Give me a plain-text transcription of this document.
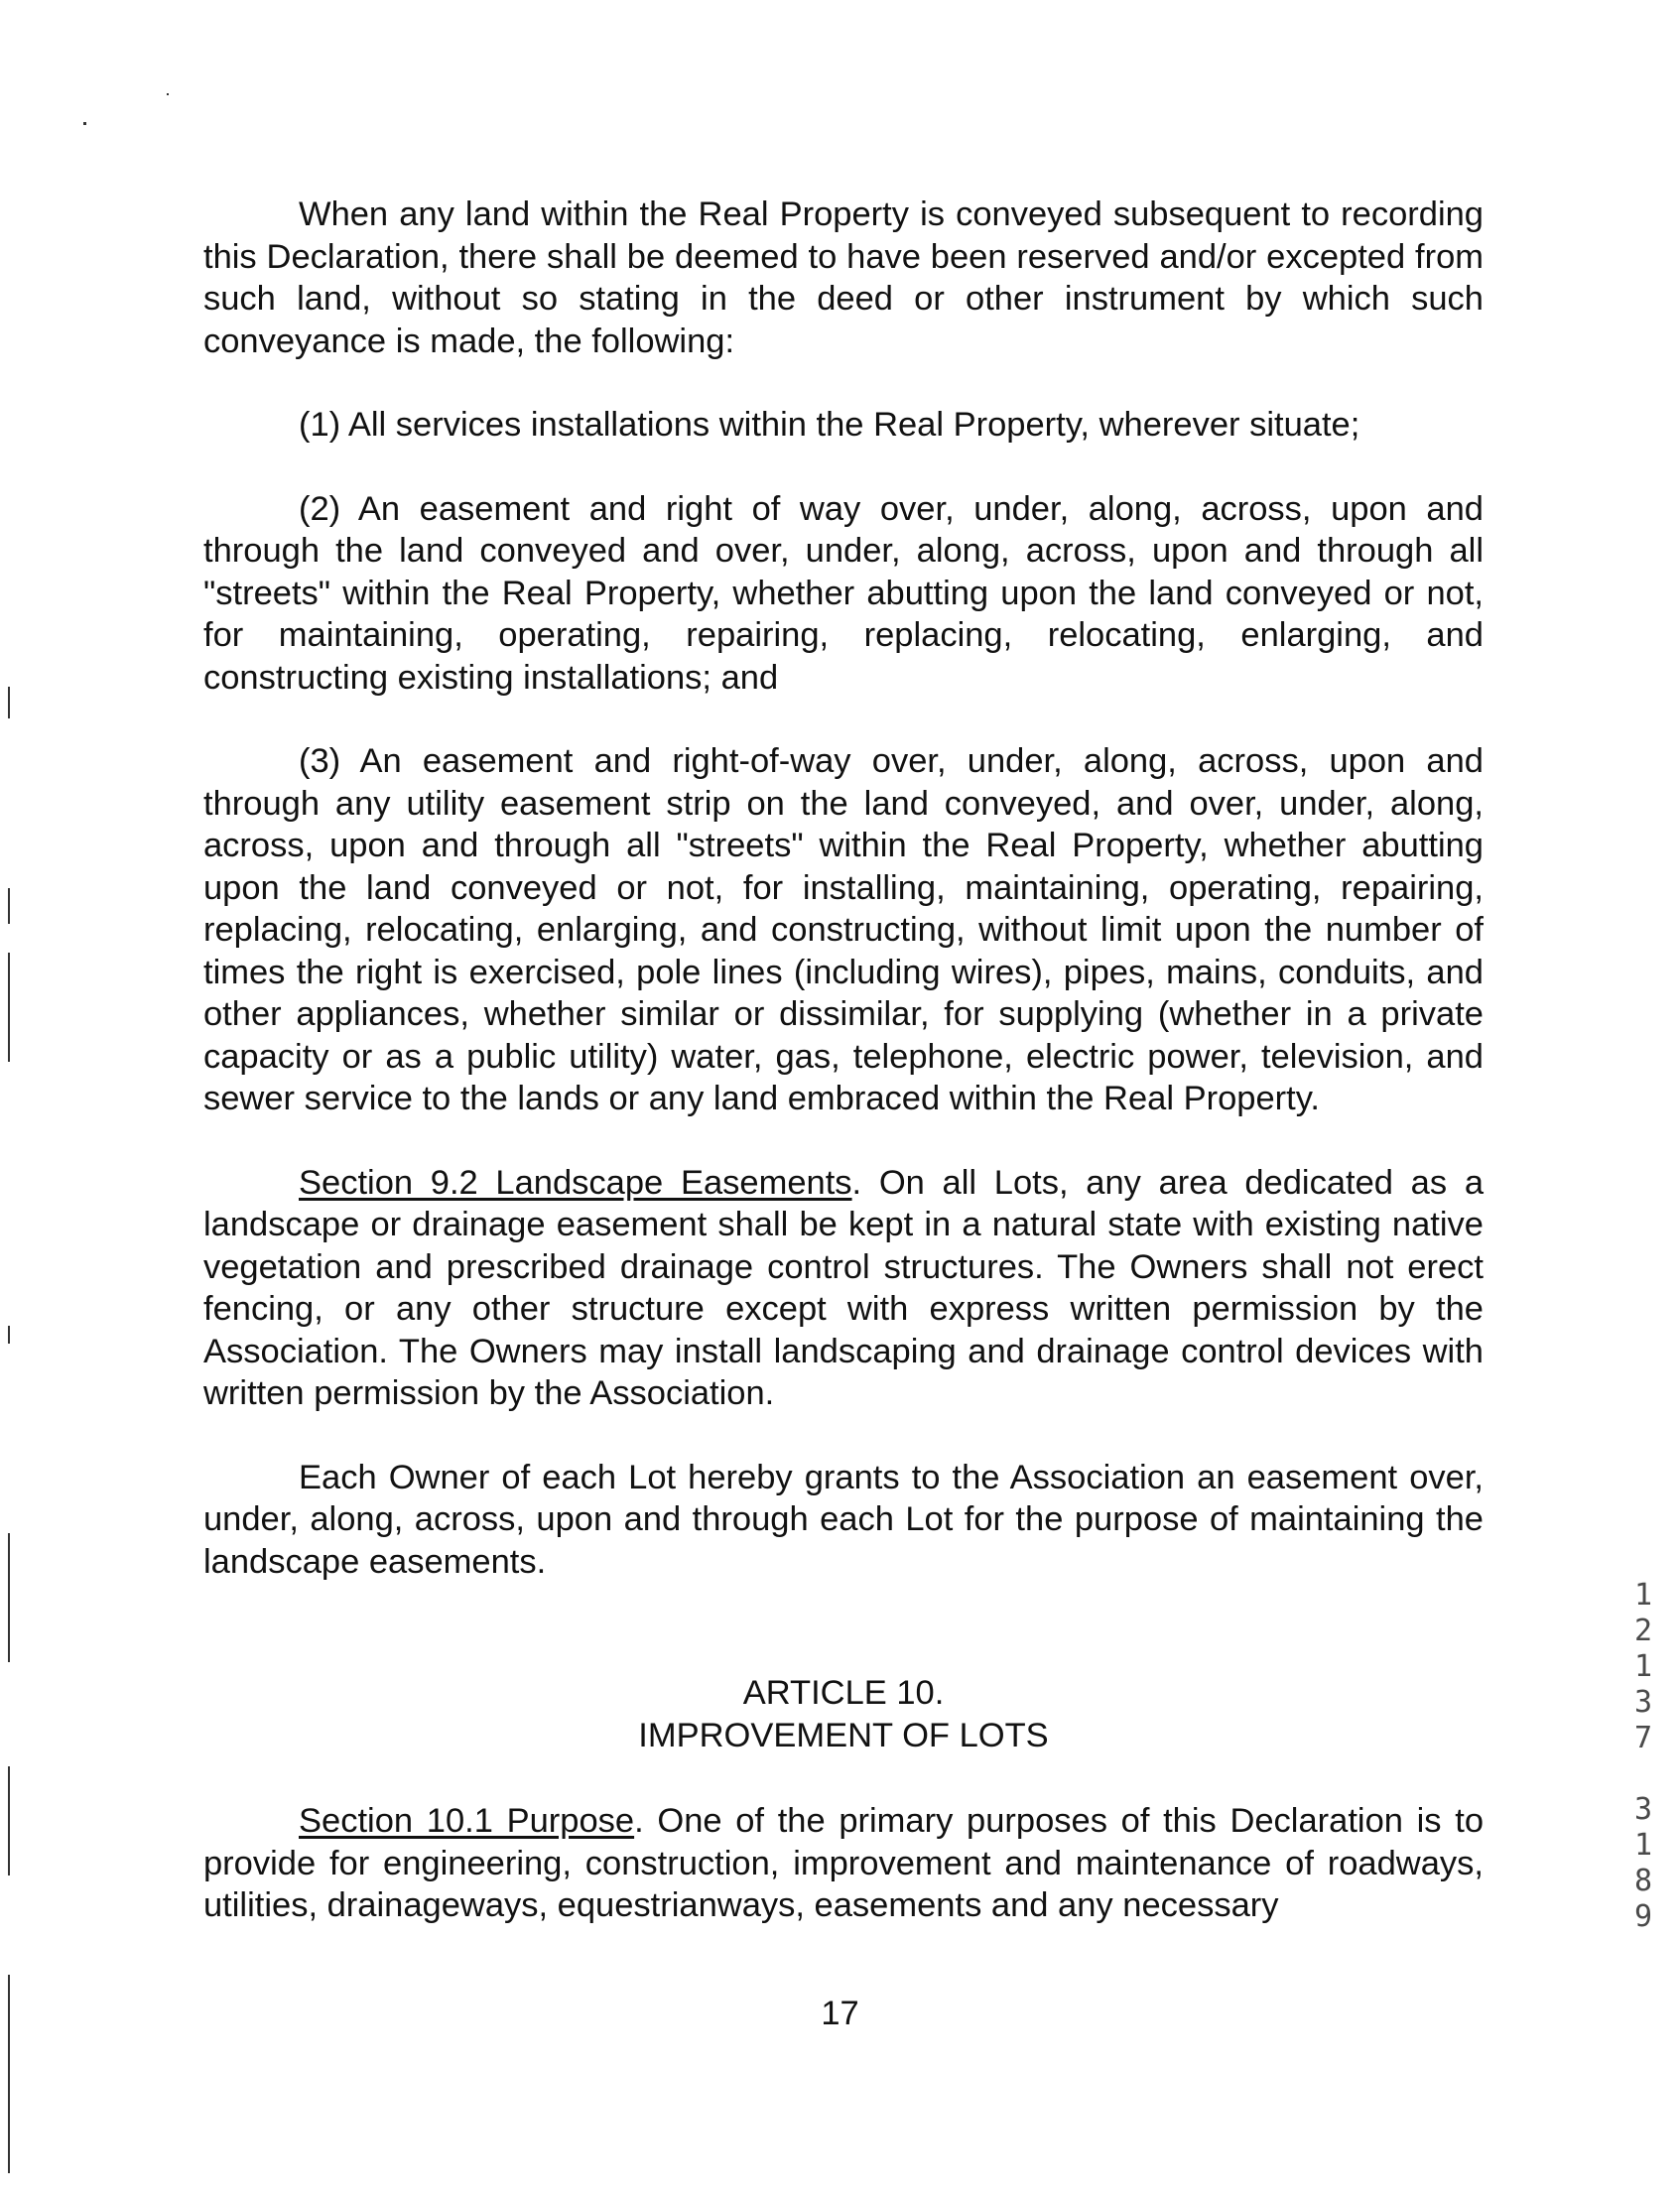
When any land within the Real Property is conveyed subsequent to recording this Declaration, there shall be deemed to have been reserved and/or excepted from such land, without so stating in the deed or other instrument by which such conveyance is made, the following:

(1) All services installations within the Real Property, wherever situate;

(2) An easement and right of way over, under, along, across, upon and through the land conveyed and over, under, along, across, upon and through all "streets" within the Real Property, whether abutting upon the land conveyed or not, for maintaining, operating, repairing, replacing, relocating, enlarging, and constructing existing installations; and

(3) An easement and right-of-way over, under, along, across, upon and through any utility easement strip on the land conveyed, and over, under, along, across, upon and through all "streets" within the Real Property, whether abutting upon the land conveyed or not, for installing, maintaining, operating, repairing, replacing, relocating, enlarging, and constructing, without limit upon the number of times the right is exercised, pole lines (including wires), pipes, mains, conduits, and other appliances, whether similar or dissimilar, for supplying (whether in a private capacity or as a public utility) water, gas, telephone, electric power, television, and sewer service to the lands or any land embraced within the Real Property.

Section 9.2 Landscape Easements. On all Lots, any area dedicated as a landscape or drainage easement shall be kept in a natural state with existing native vegetation and prescribed drainage control structures. The Owners shall not erect fencing, or any other structure except with express written permission by the Association. The Owners may install landscaping and drainage control devices with written permission by the Association.

Each Owner of each Lot hereby grants to the Association an easement over, under, along, across, upon and through each Lot for the purpose of maintaining the landscape easements.

ARTICLE 10.
IMPROVEMENT OF LOTS

Section 10.1 Purpose. One of the primary purposes of this Declaration is to provide for engineering, construction, improvement and maintenance of roadways, utilities, drainageways, equestrianways, easements and any necessary

17
1
2
1
3
7
3
1
8
9
